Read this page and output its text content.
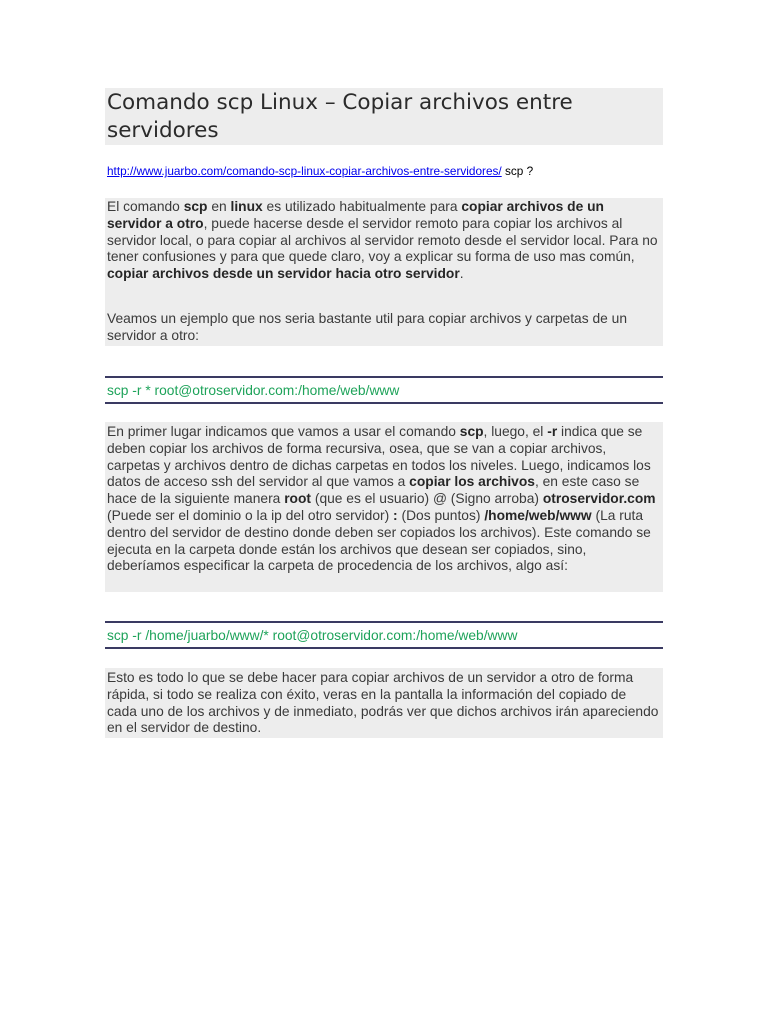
Comando scp Linux – Copiar archivos entre servidores
http://www.juarbo.com/comando-scp-linux-copiar-archivos-entre-servidores/ scp ?

El comando scp en linux es utilizado habitualmente para copiar archivos de un servidor a otro, puede hacerse desde el servidor remoto para copiar los archivos al servidor local, o para copiar al archivos al servidor remoto desde el servidor local. Para no tener confusiones y para que quede claro, voy a explicar su forma de uso mas común, copiar archivos desde un servidor hacia otro servidor.

Veamos un ejemplo que nos seria bastante util para copiar archivos y carpetas de un servidor a otro:

scp -r * root@otroservidor.com:/home/web/www

En primer lugar indicamos que vamos a usar el comando scp, luego, el -r indica que se deben copiar los archivos de forma recursiva, osea, que se van a copiar archivos, carpetas y archivos dentro de dichas carpetas en todos los niveles. Luego, indicamos los datos de acceso ssh del servidor al que vamos a copiar los archivos, en este caso se hace de la siguiente manera root (que es el usuario) @ (Signo arroba) otroservidor.com (Puede ser el dominio o la ip del otro servidor) : (Dos puntos) /home/web/www (La ruta dentro del servidor de destino donde deben ser copiados los archivos). Este comando se ejecuta en la carpeta donde están los archivos que desean ser copiados, sino, deberíamos especificar la carpeta de procedencia de los archivos, algo así:

scp -r /home/juarbo/www/* root@otroservidor.com:/home/web/www

Esto es todo lo que se debe hacer para copiar archivos de un servidor a otro de forma rápida, si todo se realiza con éxito, veras en la pantalla la información del copiado de cada uno de los archivos y de inmediato, podrás ver que dichos archivos irán apareciendo en el servidor de destino.
